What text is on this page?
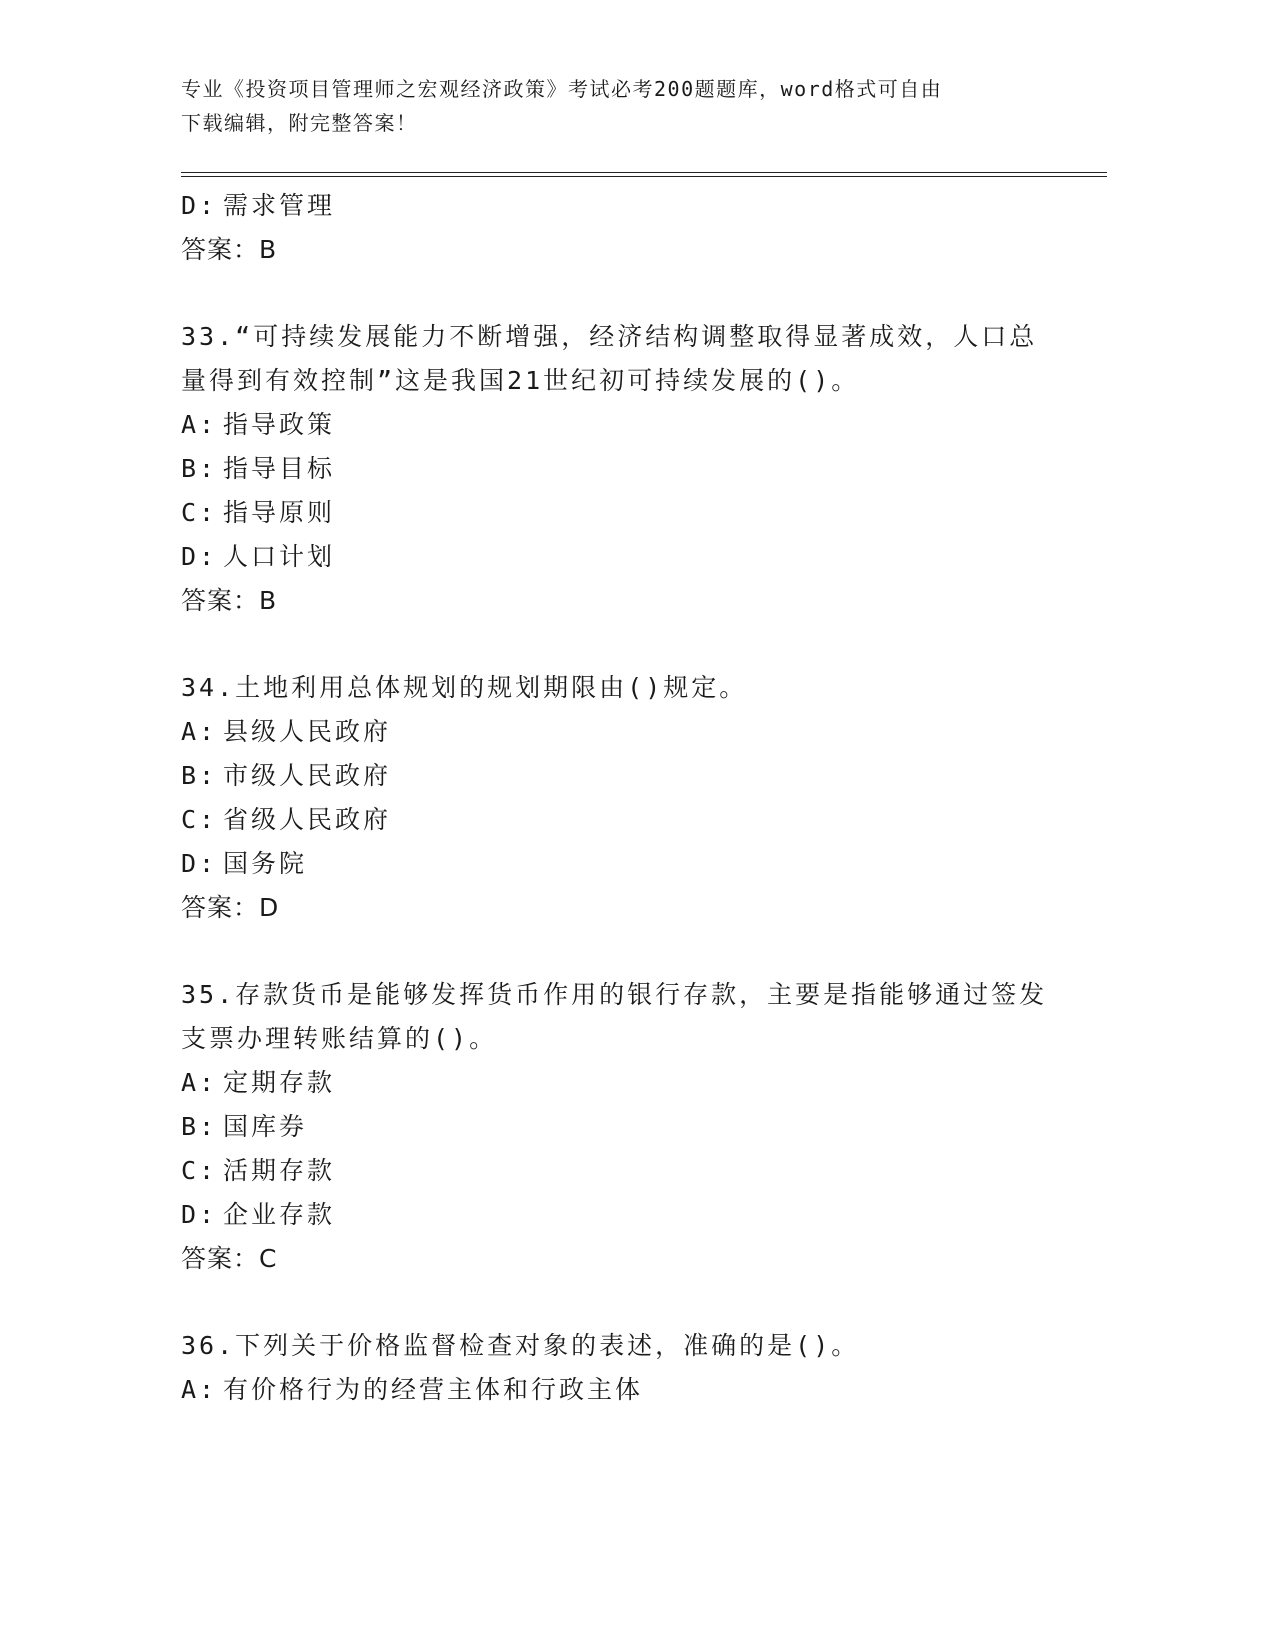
专业《投资项目管理师之宏观经济政策》考试必考200题题库，word格式可自由
下载编辑，附完整答案！
D: 需求管理
答案：B
33.“可持续发展能力不断增强，经济结构调整取得显著成效，人口总
量得到有效控制”这是我国21世纪初可持续发展的()。
A: 指导政策
B: 指导目标
C: 指导原则
D: 人口计划
答案：B
34.土地利用总体规划的规划期限由()规定。
A: 县级人民政府
B: 市级人民政府
C: 省级人民政府
D: 国务院
答案：D
35.存款货币是能够发挥货币作用的银行存款，主要是指能够通过签发
支票办理转账结算的()。
A: 定期存款
B: 国库券
C: 活期存款
D: 企业存款
答案：C
36.下列关于价格监督检查对象的表述，准确的是()。
A: 有价格行为的经营主体和行政主体
